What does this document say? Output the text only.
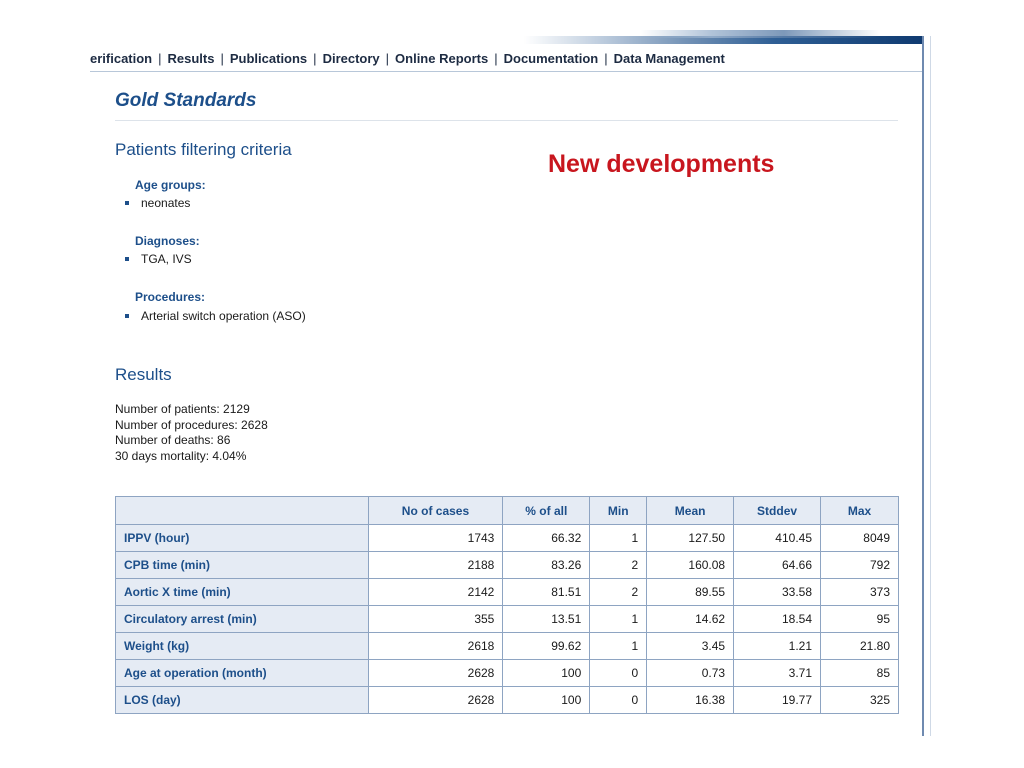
erification | Results | Publications | Directory | Online Reports | Documentation | Data Management
Gold Standards
Patients filtering criteria
New developments
Age groups:
neonates
Diagnoses:
TGA, IVS
Procedures:
Arterial switch operation (ASO)
Results
Number of patients: 2129
Number of procedures: 2628
Number of deaths: 86
30 days mortality: 4.04%
	No of cases	% of all	Min	Mean	Stddev	Max
IPPV (hour)	1743	66.32	1	127.50	410.45	8049
CPB time (min)	2188	83.26	2	160.08	64.66	792
Aortic X time (min)	2142	81.51	2	89.55	33.58	373
Circulatory arrest (min)	355	13.51	1	14.62	18.54	95
Weight (kg)	2618	99.62	1	3.45	1.21	21.80
Age at operation (month)	2628	100	0	0.73	3.71	85
LOS (day)	2628	100	0	16.38	19.77	325
